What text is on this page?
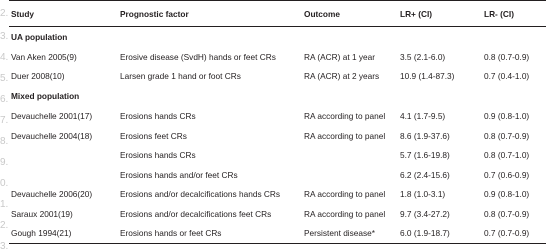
2.
3.
4.
5.
6.
7.
8.
9.
0.
1.
2.
3.
Study	Prognostic factor	Outcome	LR+ (CI)	LR- (CI)
UA population				
Van Aken 2005(9)	Erosive disease (SvdH) hands or feet CRs	RA (ACR) at 1 year	3.5 (2.1-6.0)	0.8 (0.7-0.9)
Duer 2008(10)	Larsen grade 1 hand or foot CRs	RA (ACR) at 2 years	10.9 (1.4-87.3)	0.7 (0.4-1.0)
Mixed population				
Devauchelle 2001(17)	Erosions hands CRs	RA according to panel	4.1 (1.7-9.5)	0.9 (0.8-1.0)
Devauchelle 2004(18)	Erosions feet CRs	RA according to panel	8.6 (1.9-37.6)	0.8 (0.7-0.9)
	Erosions hands CRs		5.7 (1.6-19.8)	0.8 (0.7-1.0)
	Erosions hands and/or feet CRs		6.2 (2.4-15.6)	0.7 (0.6-0.9)
Devauchelle 2006(20)	Erosions and/or decalcifications hands CRs	RA according to panel	1.8 (1.0-3.1)	0.9 (0.8-1.0)
Saraux 2001(19)	Erosions and/or decalcifications feet CRs	RA according to panel	9.7 (3.4-27.2)	0.8 (0.7-0.9)
Gough 1994(21)	Erosions hands or feet CRs	Persistent disease*	6.0 (1.9-18.7)	0.7 (0.7-0.9)
